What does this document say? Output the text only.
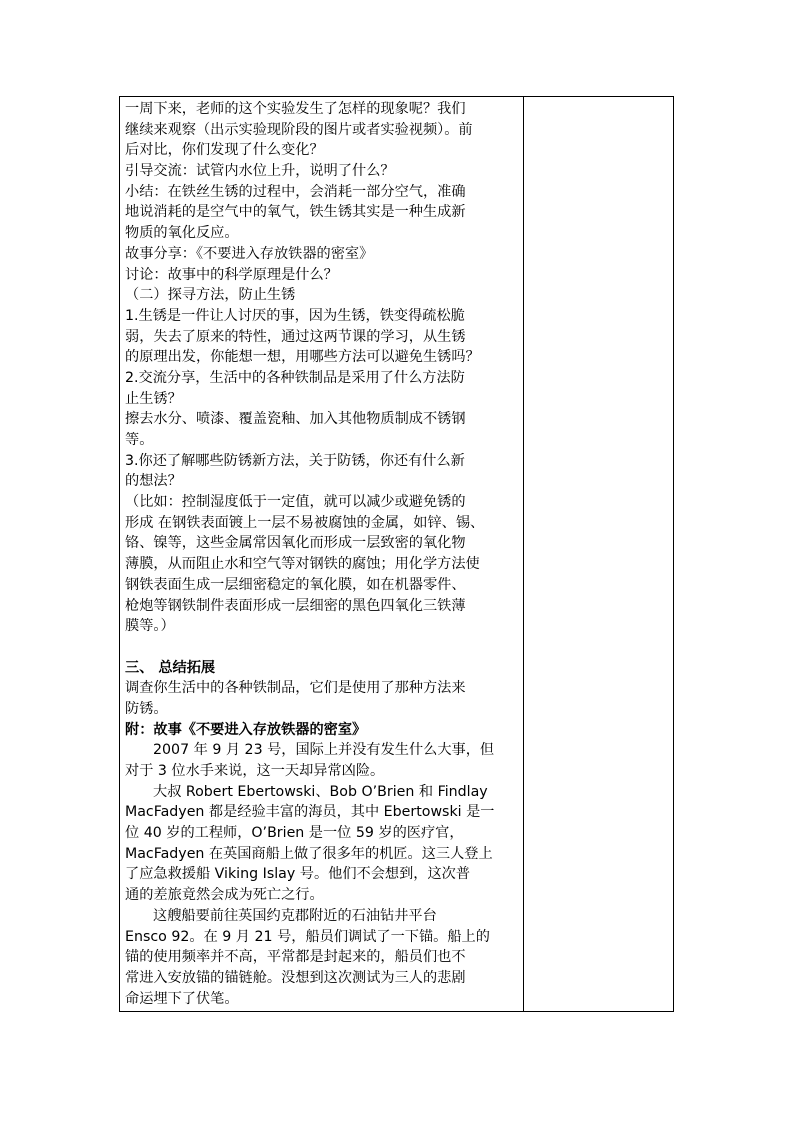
一周下来，老师的这个实验发生了怎样的现象呢？我们
继续来观察（出示实验现阶段的图片或者实验视频）。前
后对比，你们发现了什么变化？
引导交流：试管内水位上升，说明了什么？
小结：在铁丝生锈的过程中，会消耗一部分空气，准确
地说消耗的是空气中的氧气，铁生锈其实是一种生成新
物质的氧化反应。
故事分享：《不要进入存放铁器的密室》
讨论：故事中的科学原理是什么？
（二）探寻方法，防止生锈
1.生锈是一件让人讨厌的事，因为生锈，铁变得疏松脆
弱，失去了原来的特性，通过这两节课的学习，从生锈
的原理出发，你能想一想，用哪些方法可以避免生锈吗？
2.交流分享，生活中的各种铁制品是采用了什么方法防
止生锈？
擦去水分、喷漆、覆盖瓷釉、加入其他物质制成不锈钢
等。
3.你还了解哪些防锈新方法，关于防锈，你还有什么新
的想法？
（比如：控制湿度低于一定值，就可以减少或避免锈的
形成 在钢铁表面镀上一层不易被腐蚀的金属，如锌、锡、
铬、镍等，这些金属常因氧化而形成一层致密的氧化物
薄膜，从而阻止水和空气等对钢铁的腐蚀；用化学方法使
钢铁表面生成一层细密稳定的氧化膜，如在机器零件、
枪炮等钢铁制件表面形成一层细密的黑色四氧化三铁薄
膜等。）
三、 总结拓展
调查你生活中的各种铁制品，它们是使用了那种方法来
防锈。
附：故事《不要进入存放铁器的密室》
2007 年 9 月 23 号，国际上并没有发生什么大事，但
对于 3 位水手来说，这一天却异常凶险。
大叔 Robert Ebertowski、Bob O’Brien 和 Findlay
MacFadyen 都是经验丰富的海员，其中 Ebertowski 是一
位 40 岁的工程师，O’Brien 是一位 59 岁的医疗官，
MacFadyen 在英国商船上做了很多年的机匠。这三人登上
了应急救援船 Viking Islay 号。他们不会想到，这次普
通的差旅竟然会成为死亡之行。
这艘船要前往英国约克郡附近的石油钻井平台
Ensco 92。在 9 月 21 号，船员们调试了一下锚。船上的
锚的使用频率并不高，平常都是封起来的，船员们也不
常进入安放锚的锚链舱。没想到这次测试为三人的悲剧
命运埋下了伏笔。
